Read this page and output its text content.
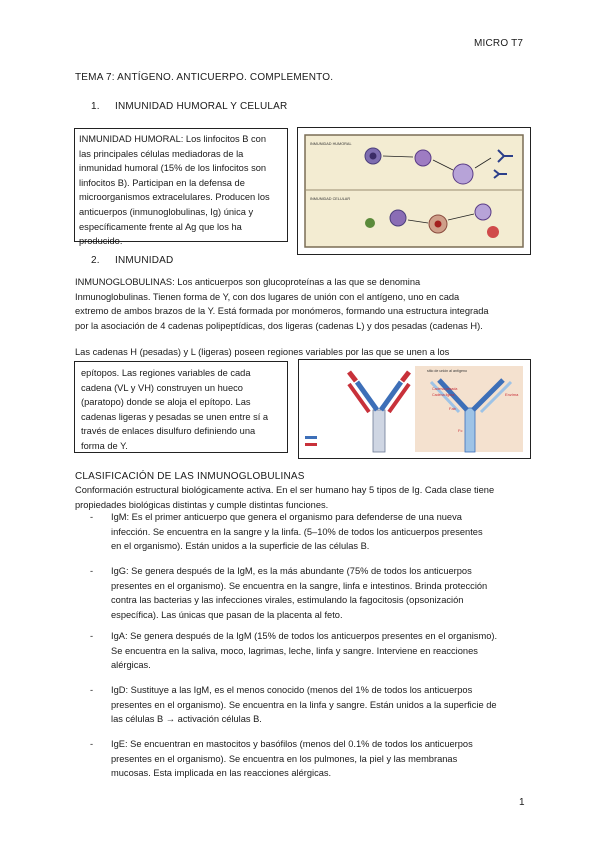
MICRO T7
TEMA 7: ANTÍGENO. ANTICUERPO. COMPLEMENTO.
1. INMUNIDAD HUMORAL Y CELULAR
INMUNIDAD HUMORAL: Los linfocitos B con
las principales células mediadoras de la
inmunidad humoral (15% de los linfocitos son
linfocitos B). Participan en la defensa de
microorganismos extracelulares. Producen los
anticuerpos (inmunoglobulinas, Ig) única y
específicamente frente al Ag que los ha
producido.
INMUNIDAD HUMORAL
INMUNIDAD CELULAR
2. INMUNIDAD
INMUNOGLOBULINAS: Los anticuerpos son glucoproteínas a las que se denomina
Inmunoglobulinas. Tienen forma de Y, con dos lugares de unión con el antígeno, uno en cada
extremo de ambos brazos de la Y. Está formada por monómeros, formando una estructura integrada
por la asociación de 4 cadenas polipeptídicas, dos ligeras (cadenas L) y dos pesadas (cadenas H).
Las cadenas H (pesadas) y L (ligeras) poseen regiones variables por las que se unen a los
epítopos. Las regiones variables de cada
cadena (VL y VH) construyen un hueco
(paratopo) donde se aloja el epítopo. Las
cadenas ligeras y pesadas se unen entre sí a
través de enlaces disulfuro definiendo una
forma de Y.
sitio de unión al antígeno
Cadena pesada
Cadena ligera	Enzima
Fab
Fc
CLASIFICACIÓN DE LAS INMUNOGLOBULINAS
Conformación estructural biológicamente activa. En el ser humano hay 5 tipos de Ig. Cada clase tiene
propiedades biológicas distintas y cumple distintas funciones.
- IgM: Es el primer anticuerpo que genera el organismo para defenderse de una nueva
infección. Se encuentra en la sangre y la linfa. (5–10% de todos los anticuerpos presentes
en el organismo). Están unidos a la superficie de las células B.
- IgG: Se genera después de la IgM, es la más abundante (75% de todos los anticuerpos
presentes en el organismo). Se encuentra en la sangre, linfa e intestinos. Brinda protección
contra las bacterias y las infecciones virales, estimulando la fagocitosis (opsonización
específica). Las únicas que pasan de la placenta al feto.
- IgA: Se genera después de la IgM (15% de todos los anticuerpos presentes en el organismo).
Se encuentra en la saliva, moco, lagrimas, leche, linfa y sangre. Interviene en reacciones
alérgicas.
- IgD: Sustituye a las IgM, es el menos conocido (menos del 1% de todos los anticuerpos
presentes en el organismo). Se encuentra en la linfa y sangre. Están unidos a la superficie de
las células B → activación células B.
- IgE: Se encuentran en mastocitos y basófilos (menos del 0.1% de todos los anticuerpos
presentes en el organismo). Se encuentra en los pulmones, la piel y las membranas
mucosas. Esta implicada en las reacciones alérgicas.
1
